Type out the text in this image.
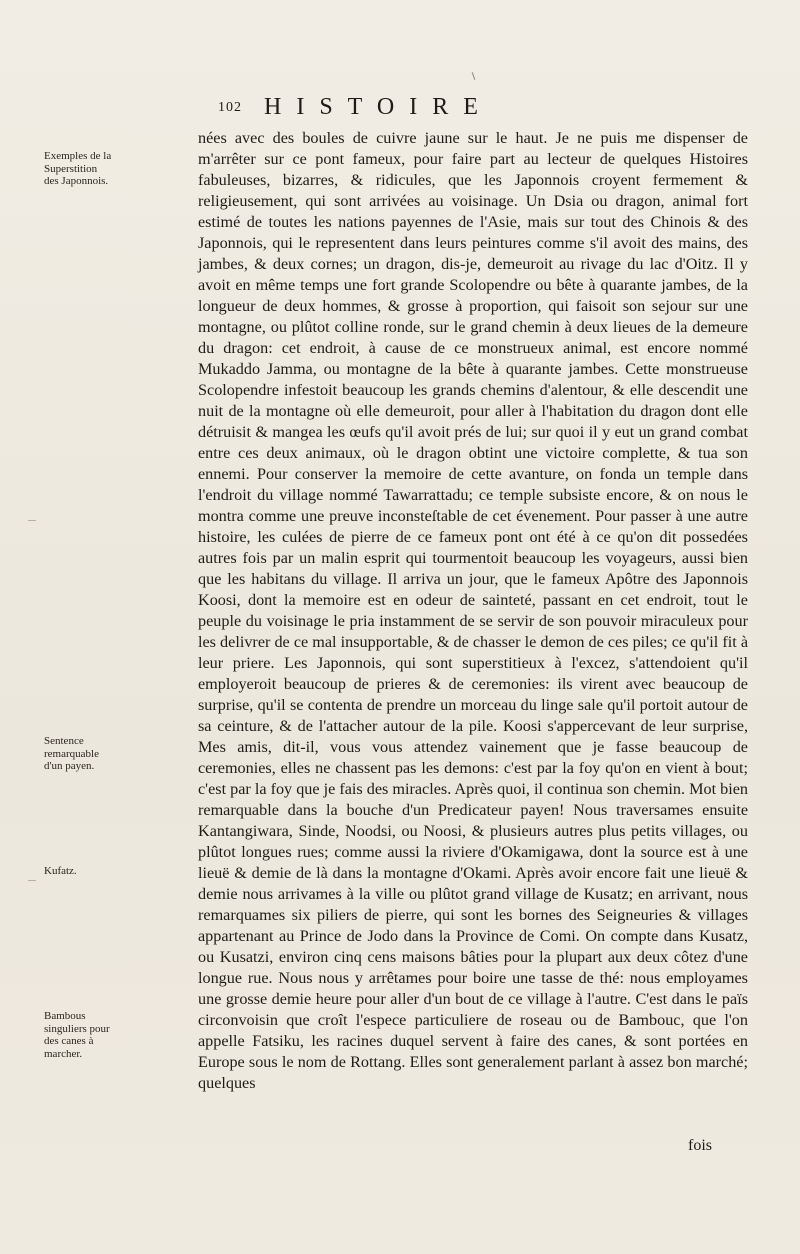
102 HISTOIRE
Exemples de la Superstition des Japonnois.
Sentence remarquable d'un payen.
Kufatz.
Bambous singuliers pour des canes à marcher.

nées avec des boules de cuivre jaune sur le haut. Je ne puis me dispenser de m'arrêter sur ce pont fameux, pour faire part au lecteur de quelques Histoires fabuleuses, bizarres, & ridicules, que les Japonnois croyent fermement & religieusement, qui sont arrivées au voisinage. Un Dsia ou dragon, animal fort estimé de toutes les nations payennes de l'Asie, mais sur tout des Chinois & des Japonnois, qui le representent dans leurs peintures comme s'il avoit des mains, des jambes, & deux cornes; un dragon, dis-je, demeuroit au rivage du lac d'Oitz. Il y avoit en même temps une fort grande Scolopendre ou bête à quarante jambes, de la longueur de deux hommes, & grosse à proportion, qui faisoit son sejour sur une montagne, ou plûtot colline ronde, sur le grand chemin à deux lieues de la demeure du dragon: cet endroit, à cause de ce monstrueux animal, est encore nommé Mukaddo Jamma, ou montagne de la bête à quarante jambes. Cette monstrueuse Scolopendre infestoit beaucoup les grands chemins d'alentour, & elle descendit une nuit de la montagne où elle demeuroit, pour aller à l'habitation du dragon dont elle détruisit & mangea les œufs qu'il avoit prés de lui; sur quoi il y eut un grand combat entre ces deux animaux, où le dragon obtint une victoire complette, & tua son ennemi. Pour conserver la memoire de cette avanture, on fonda un temple dans l'endroit du village nommé Tawarrattadu; ce temple subsiste encore, & on nous le montra comme une preuve inconsteſtable de cet évenement. Pour passer à une autre histoire, les culées de pierre de ce fameux pont ont été à ce qu'on dit possedées autres fois par un malin esprit qui tourmentoit beaucoup les voyageurs, aussi bien que les habitans du village. Il arriva un jour, que le fameux Apôtre des Japonnois Koosi, dont la memoire est en odeur de sainteté, passant en cet endroit, tout le peuple du voisinage le pria instamment de se servir de son pouvoir miraculeux pour les delivrer de ce mal insupportable, & de chasser le demon de ces piles; ce qu'il fit à leur priere. Les Japonnois, qui sont superstitieux à l'excez, s'attendoient qu'il employeroit beaucoup de prieres & de ceremonies: ils virent avec beaucoup de surprise, qu'il se contenta de prendre un morceau du linge sale qu'il portoit autour de sa ceinture, & de l'attacher autour de la pile. Koosi s'appercevant de leur surprise, Mes amis, dit-il, vous vous attendez vainement que je fasse beaucoup de ceremonies, elles ne chassent pas les demons: c'est par la foy qu'on en vient à bout; c'est par la foy que je fais des miracles. Après quoi, il continua son chemin. Mot bien remarquable dans la bouche d'un Predicateur payen! Nous traversames ensuite Kantangiwara, Sinde, Noodsi, ou Noosi, & plusieurs autres plus petits villages, ou plûtot longues rues; comme aussi la riviere d'Okamigawa, dont la source est à une lieuë & demie de là dans la montagne d'Okami. Après avoir encore fait une lieuë & demie nous arrivames à la ville ou plûtot grand village de Kusatz; en arrivant, nous remarquames six piliers de pierre, qui sont les bornes des Seigneuries & villages appartenant au Prince de Jodo dans la Province de Comi. On compte dans Kusatz, ou Kusatzi, environ cinq cens maisons bâties pour la plupart aux deux côtez d'une longue rue. Nous nous y arrêtames pour boire une tasse de thé: nous employames une grosse demie heure pour aller d'un bout de ce village à l'autre. C'est dans le païs circonvoisin que croît l'espece particuliere de roseau ou de Bambouc, que l'on appelle Fatsiku, les racines duquel servent à faire des canes, & sont portées en Europe sous le nom de Rottang. Elles sont generalement parlant à assez bon marché; quelques

fois
